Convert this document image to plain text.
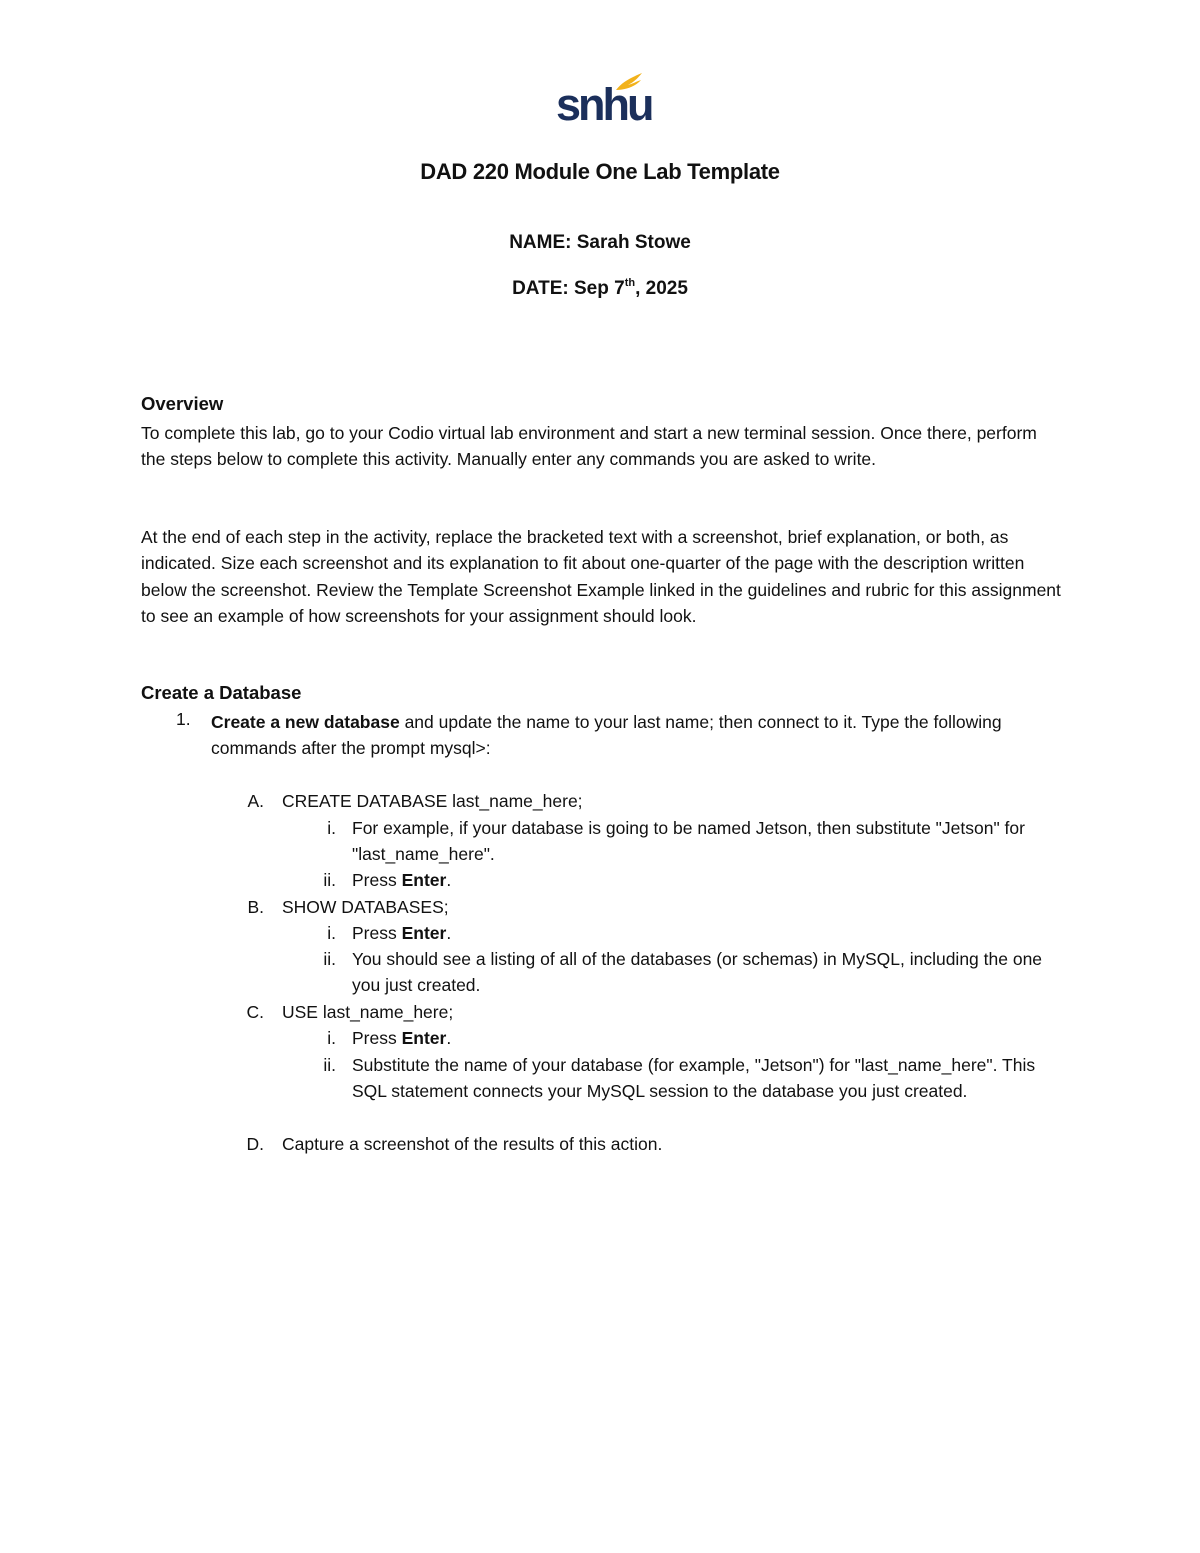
snhu
DAD 220 Module One Lab Template
NAME: Sarah Stowe
DATE: Sep 7th, 2025
Overview
To complete this lab, go to your Codio virtual lab environment and start a new terminal session. Once there, perform the steps below to complete this activity. Manually enter any commands you are asked to write.
At the end of each step in the activity, replace the bracketed text with a screenshot, brief explanation, or both, as indicated. Size each screenshot and its explanation to fit about one-quarter of the page with the description written below the screenshot. Review the Template Screenshot Example linked in the guidelines and rubric for this assignment to see an example of how screenshots for your assignment should look.
Create a Database
1. Create a new database and update the name to your last name; then connect to it. Type the following commands after the prompt mysql>:
A. CREATE DATABASE last_name_here;
i. For example, if your database is going to be named Jetson, then substitute "Jetson" for "last_name_here".
ii. Press Enter.
B. SHOW DATABASES;
i. Press Enter.
ii. You should see a listing of all of the databases (or schemas) in MySQL, including the one you just created.
C. USE last_name_here;
i. Press Enter.
ii. Substitute the name of your database (for example, "Jetson") for "last_name_here". This SQL statement connects your MySQL session to the database you just created.
D. Capture a screenshot of the results of this action.
